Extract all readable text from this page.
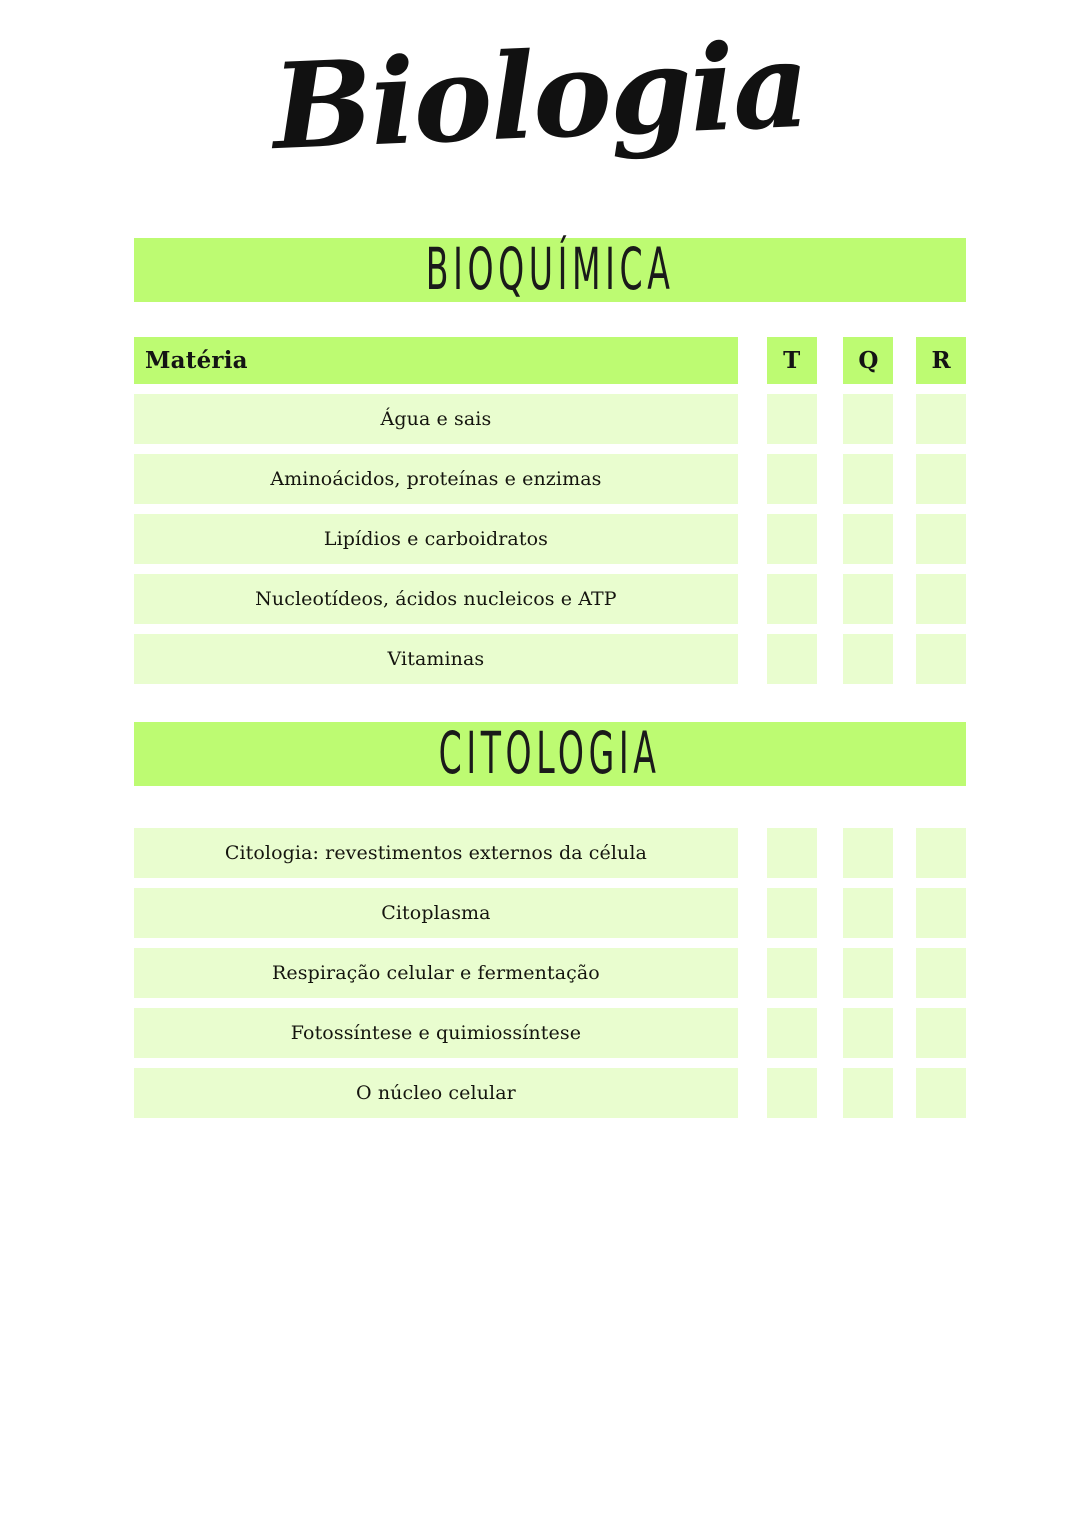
Biologia
BIOQUÍMICA
Matéria	T	Q	R
Água e sais
Aminoácidos, proteínas e enzimas
Lipídios e carboidratos
Nucleotídeos, ácidos nucleicos e ATP
Vitaminas
CITOLOGIA
Citologia: revestimentos externos da célula
Citoplasma
Respiração celular e fermentação
Fotossíntese e quimiossíntese
O núcleo celular
